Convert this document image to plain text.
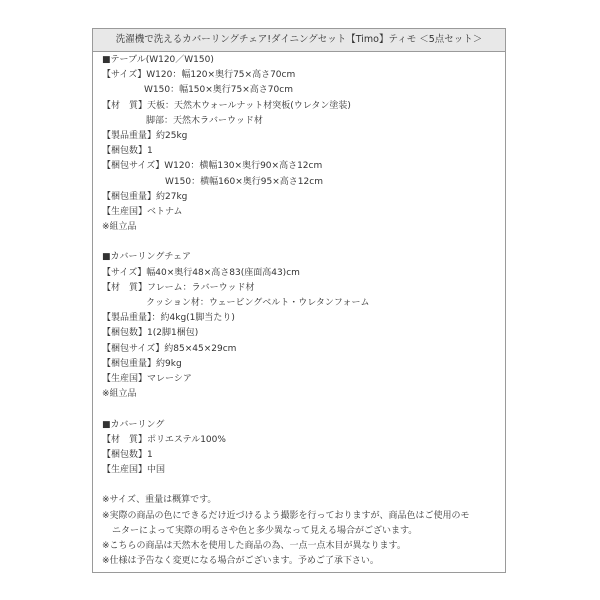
洗濯機で洗えるカバーリングチェア!ダイニングセット【Timo】ティモ ＜5点セット＞
■テーブル(W120／W150)
【サイズ】W120：幅120×奥行75×高さ70cm
W150：幅150×奥行75×高さ70cm
【材　質】天板：天然木ウォールナット材突板(ウレタン塗装)
脚部：天然木ラバーウッド材
【製品重量】約25kg
【梱包数】1
【梱包サイズ】W120：横幅130×奥行90×高さ12cm
W150：横幅160×奥行95×高さ12cm
【梱包重量】約27kg
【生産国】ベトナム
※組立品
■カバーリングチェア
【サイズ】幅40×奥行48×高さ83(座面高43)cm
【材　質】フレーム：ラバーウッド材
クッション材：ウェービングベルト・ウレタンフォーム
【製品重量】：約4kg(1脚当たり)
【梱包数】1(2脚1梱包)
【梱包サイズ】約85×45×29cm
【梱包重量】約9kg
【生産国】マレーシア
※組立品
■カバーリング
【材　質】ポリエステル100%
【梱包数】1
【生産国】中国
※サイズ、重量は概算です。
※実際の商品の色にできるだけ近づけるよう撮影を行っておりますが、商品色はご使用のモ
ニターによって実際の明るさや色と多少異なって見える場合がございます。
※こちらの商品は天然木を使用した商品の為、一点一点木目が異なります。
※仕様は予告なく変更になる場合がございます。予めご了承下さい。
